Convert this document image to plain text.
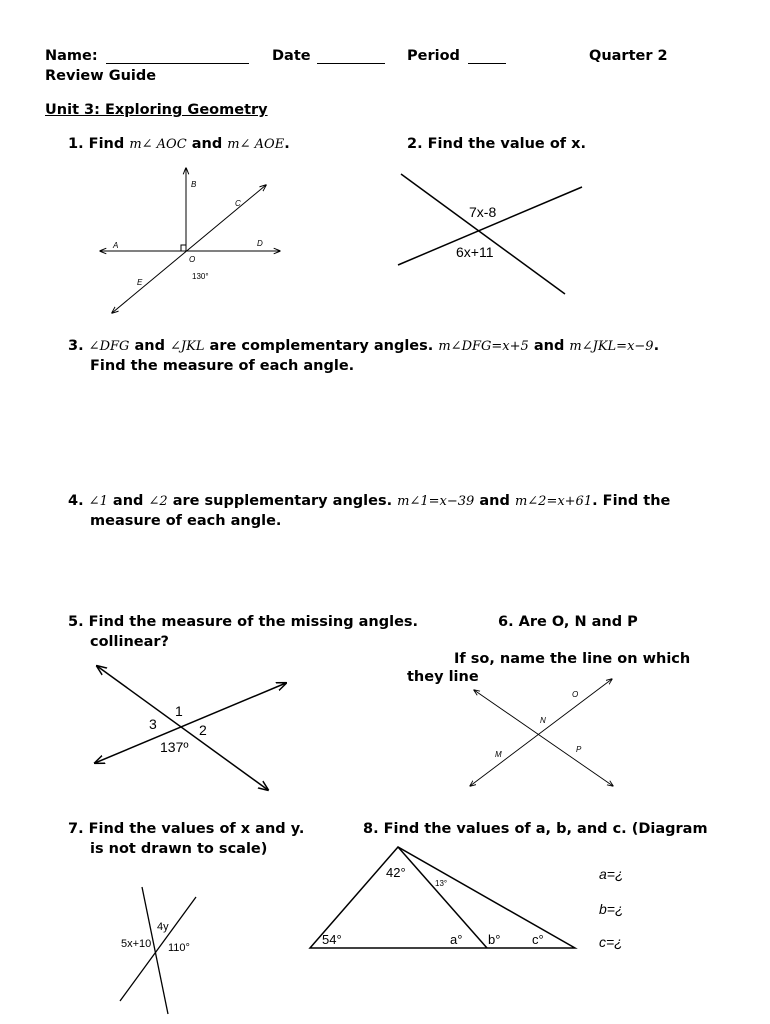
Name:	Date	Period	Quarter 2
Review Guide
Unit 3: Exploring Geometry
1. Find m∠ AOC and m∠ AOE.	2. Find the value of x.
3. ∠DFG and ∠JKL are complementary angles. m∠DFG=x+5 and m∠JKL=x−9.
Find the measure of each angle.
4. ∠1 and ∠2 are supplementary angles. m∠1=x−39 and m∠2=x+61. Find the
measure of each angle.
5. Find the measure of the missing angles.	6. Are O, N and P
collinear?
If so, name the line on which
they line
7. Find the values of x and y.	8. Find the values of a, b, and c. (Diagram
is not drawn to scale)
B
C
A	D
O
E
130°
7x-8
6x+11
1
3	2
137º
O
N
M
P
4y
5x+10 110°
42°
13°
54°	a° b° c°
a=¿
b=¿
c=¿
